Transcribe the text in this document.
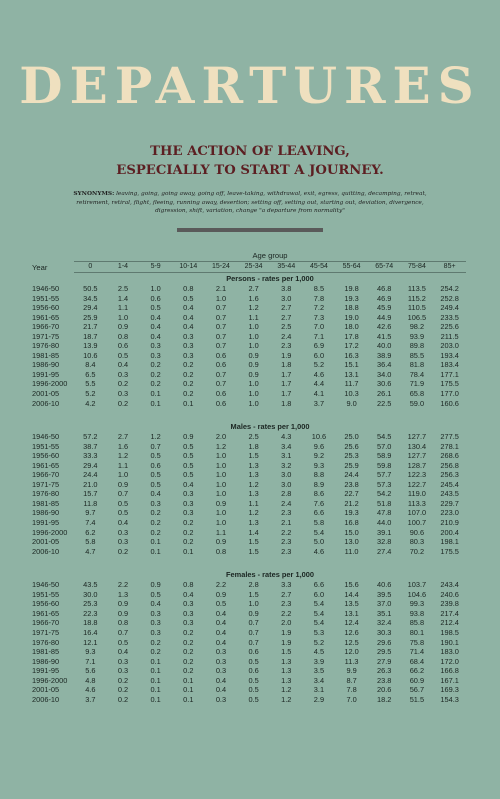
DEPARTURES
THE ACTION OF LEAVING,
ESPECIALLY TO START A JOURNEY.
SYNONYMS: leaving, going, going away, going off, leave-taking, withdrawal, exit, egress, quitting, decamping, retreat, retirement, retiral, flight, fleeing, running away, desertion; setting off, setting out, starting out, deviation, divergence, digression, shift, variation, change "a departure from normality"
Year	Age group											
	0	1-4	5-9	10-14	15-24	25-34	35-44	45-54	55-64	65-74	75-84	85+
	Persons - rates per 1,000											
1946-50	50.5	2.5	1.0	0.8	2.1	2.7	3.8	8.5	19.8	46.8	113.5	254.2
1951-55	34.5	1.4	0.6	0.5	1.0	1.6	3.0	7.8	19.3	46.9	115.2	252.8
1956-60	29.4	1.1	0.5	0.4	0.7	1.2	2.7	7.2	18.8	45.9	110.5	249.4
1961-65	25.9	1.0	0.4	0.4	0.7	1.1	2.7	7.3	19.0	44.9	106.5	233.5
1966-70	21.7	0.9	0.4	0.4	0.7	1.0	2.5	7.0	18.0	42.6	98.2	225.6
1971-75	18.7	0.8	0.4	0.3	0.7	1.0	2.4	7.1	17.8	41.5	93.9	211.5
1976-80	13.9	0.6	0.3	0.3	0.7	1.0	2.3	6.9	17.2	40.0	89.8	203.0
1981-85	10.6	0.5	0.3	0.3	0.6	0.9	1.9	6.0	16.3	38.9	85.5	193.4
1986-90	8.4	0.4	0.2	0.2	0.6	0.9	1.8	5.2	15.1	36.4	81.8	183.4
1991-95	6.5	0.3	0.2	0.2	0.7	0.9	1.7	4.6	13.1	34.0	78.4	177.1
1996-2000	5.5	0.2	0.2	0.2	0.7	1.0	1.7	4.4	11.7	30.6	71.9	175.5
2001-05	5.2	0.3	0.1	0.2	0.6	1.0	1.7	4.1	10.3	26.1	65.8	177.0
2006-10	4.2	0.2	0.1	0.1	0.6	1.0	1.8	3.7	9.0	22.5	59.0	160.6

	Males - rates per 1,000											
1946-50	57.2	2.7	1.2	0.9	2.0	2.5	4.3	10.6	25.0	54.5	127.7	277.5
1951-55	38.7	1.6	0.7	0.5	1.2	1.8	3.4	9.6	25.6	57.0	130.4	278.1
1956-60	33.3	1.2	0.5	0.5	1.0	1.5	3.1	9.2	25.3	58.9	127.7	268.6
1961-65	29.4	1.1	0.6	0.5	1.0	1.3	3.2	9.3	25.9	59.8	128.7	256.8
1966-70	24.4	1.0	0.5	0.5	1.0	1.3	3.0	8.8	24.4	57.7	122.3	256.3
1971-75	21.0	0.9	0.5	0.4	1.0	1.2	3.0	8.9	23.8	57.3	122.7	245.4
1976-80	15.7	0.7	0.4	0.3	1.0	1.3	2.8	8.6	22.7	54.2	119.0	243.5
1981-85	11.8	0.5	0.3	0.3	0.9	1.1	2.4	7.6	21.2	51.8	113.3	229.7
1986-90	9.7	0.5	0.2	0.3	1.0	1.2	2.3	6.6	19.3	47.8	107.0	223.0
1991-95	7.4	0.4	0.2	0.2	1.0	1.3	2.1	5.8	16.8	44.0	100.7	210.9
1996-2000	6.2	0.3	0.2	0.2	1.1	1.4	2.2	5.4	15.0	39.1	90.6	200.4
2001-05	5.8	0.3	0.1	0.2	0.9	1.5	2.3	5.0	13.0	32.8	80.3	198.1
2006-10	4.7	0.2	0.1	0.1	0.8	1.5	2.3	4.6	11.0	27.4	70.2	175.5

	Females - rates per 1,000											
1946-50	43.5	2.2	0.9	0.8	2.2	2.8	3.3	6.6	15.6	40.6	103.7	243.4
1951-55	30.0	1.3	0.5	0.4	0.9	1.5	2.7	6.0	14.4	39.5	104.6	240.6
1956-60	25.3	0.9	0.4	0.3	0.5	1.0	2.3	5.4	13.5	37.0	99.3	239.8
1961-65	22.3	0.9	0.3	0.3	0.4	0.9	2.2	5.4	13.1	35.1	93.8	217.4
1966-70	18.8	0.8	0.3	0.3	0.4	0.7	2.0	5.4	12.4	32.4	85.8	212.4
1971-75	16.4	0.7	0.3	0.2	0.4	0.7	1.9	5.3	12.6	30.3	80.1	198.5
1976-80	12.1	0.5	0.2	0.2	0.4	0.7	1.9	5.2	12.5	29.6	75.8	190.1
1981-85	9.3	0.4	0.2	0.2	0.3	0.6	1.5	4.5	12.0	29.5	71.4	183.0
1986-90	7.1	0.3	0.1	0.2	0.3	0.5	1.3	3.9	11.3	27.9	68.4	172.0
1991-95	5.6	0.3	0.1	0.2	0.3	0.6	1.3	3.5	9.9	26.3	66.2	166.8
1996-2000	4.8	0.2	0.1	0.1	0.4	0.5	1.3	3.4	8.7	23.8	60.9	167.1
2001-05	4.6	0.2	0.1	0.1	0.4	0.5	1.2	3.1	7.8	20.6	56.7	169.3
2006-10	3.7	0.2	0.1	0.1	0.3	0.5	1.2	2.9	7.0	18.2	51.5	154.3
